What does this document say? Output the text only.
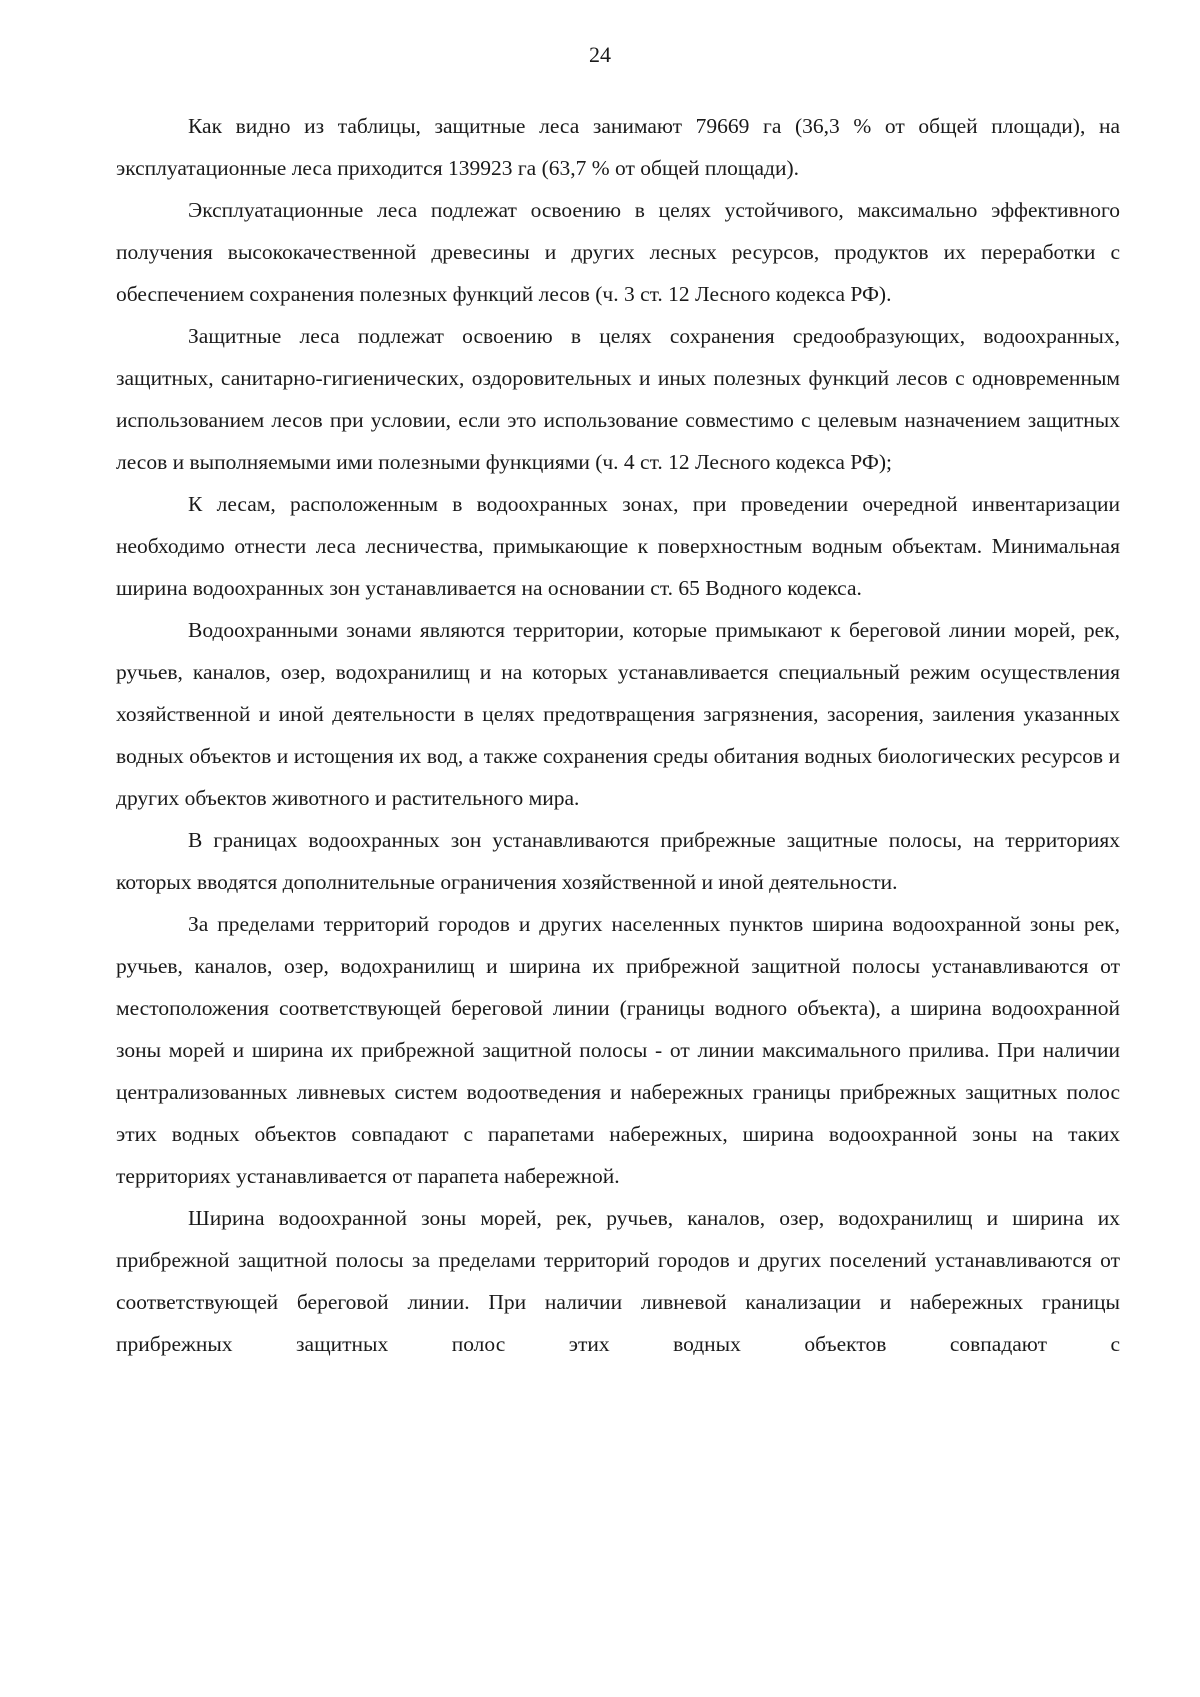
24

Как видно из таблицы, защитные леса занимают 79669 га (36,3 % от общей площади), на эксплуатационные леса приходится 139923 га (63,7 % от общей площади).

Эксплуатационные леса подлежат освоению в целях устойчивого, максимально эффективного получения высококачественной древесины и других лесных ресурсов, продуктов их переработки с обеспечением сохранения полезных функций лесов (ч. 3 ст. 12 Лесного кодекса РФ).

Защитные леса подлежат освоению в целях сохранения средообразующих, водоохранных, защитных, санитарно-гигиенических, оздоровительных и иных полезных функций лесов с одновременным использованием лесов при условии, если это использование совместимо с целевым назначением защитных лесов и выполняемыми ими полезными функциями (ч. 4 ст. 12 Лесного кодекса РФ);

К лесам, расположенным в водоохранных зонах, при проведении очередной инвентаризации необходимо отнести леса лесничества, примыкающие к поверхностным водным объектам. Минимальная ширина водоохранных зон устанавливается на основании ст. 65 Водного кодекса.

Водоохранными зонами являются территории, которые примыкают к береговой линии морей, рек, ручьев, каналов, озер, водохранилищ и на которых устанавливается специальный режим осуществления хозяйственной и иной деятельности в целях предотвращения загрязнения, засорения, заиления указанных водных объектов и истощения их вод, а также сохранения среды обитания водных биологических ресурсов и других объектов животного и растительного мира.

В границах водоохранных зон устанавливаются прибрежные защитные полосы, на территориях которых вводятся дополнительные ограничения хозяйственной и иной деятельности.

За пределами территорий городов и других населенных пунктов ширина водоохранной зоны рек, ручьев, каналов, озер, водохранилищ и ширина их прибрежной защитной полосы устанавливаются от местоположения соответствующей береговой линии (границы водного объекта), а ширина водоохранной зоны морей и ширина их прибрежной защитной полосы - от линии максимального прилива. При наличии централизованных ливневых систем водоотведения и набережных границы прибрежных защитных полос этих водных объектов совпадают с парапетами набережных, ширина водоохранной зоны на таких территориях устанавливается от парапета набережной.

Ширина водоохранной зоны морей, рек, ручьев, каналов, озер, водохранилищ и ширина их прибрежной защитной полосы за пределами территорий городов и других поселений устанавливаются от соответствующей береговой линии. При наличии ливневой канализации и набережных границы прибрежных защитных полос этих водных объектов совпадают с
